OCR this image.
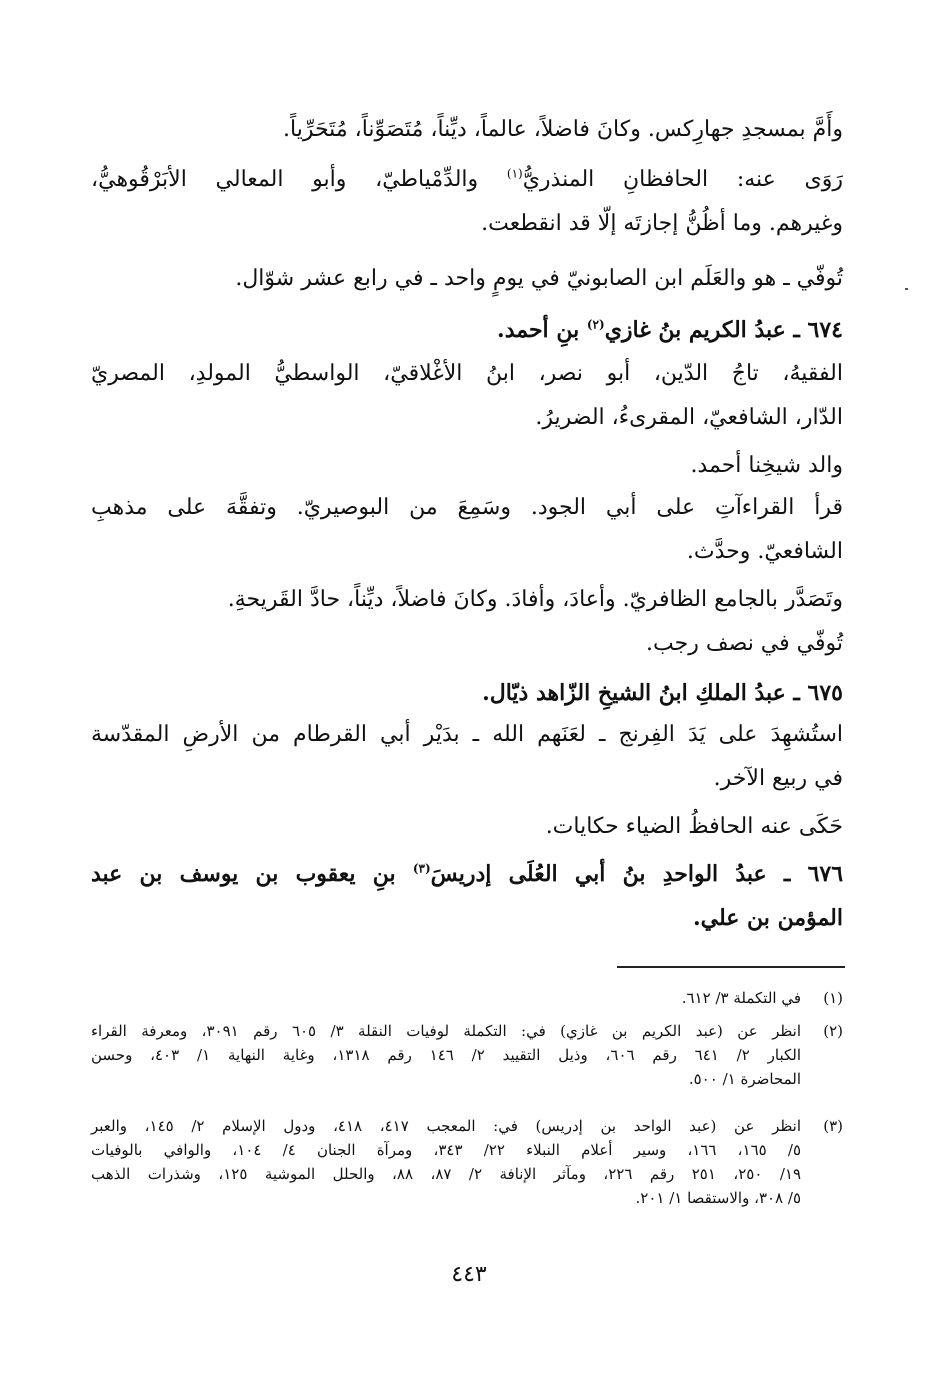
وأَمَّ بمسجدِ جهارِكس. وكانَ فاضلاً، عالماً، ديِّناً، مُتَصَوِّناً، مُتَحَرِّياً.
رَوَى عنه: الحافظانِ المنذريُّ$^{(١)}$ والدِّمْياطيّ، وأبو المعالي الأبَرْقُوهيُّ،
وغيرهم. وما أظُنُّ إجازتَه إلّا قد انقطعت.
تُوفّي ـ هو والعَلَم ابن الصابونيّ في يومٍ واحد ـ في رابع عشر شوّال.
٦٧٤ ـ عبدُ الكريم بنُ غازي$^{(٢)}$ بنِ أحمد.
الفقيهُ، تاجُ الدّين، أبو نصر، ابنُ الأغْلاقيّ، الواسطيُّ المولدِ، المصريّ
الدّار، الشافعيّ، المقرىءُ، الضريرُ.
والد شيخِنا أحمد.
قرأ القراءآتِ على أبي الجود. وسَمِعَ من البوصيريّ. وتفقَّهَ على مذهبِ
الشافعيّ. وحدَّث.
وتَصَدَّر بالجامع الظافريّ. وأعادَ، وأفادَ. وكانَ فاضلاً، ديِّناً، حادَّ القَريحةِ.
تُوفّي في نصف رجب.
٦٧٥ ـ عبدُ الملكِ ابنُ الشيخِ الزّاهد ذيّال.
استُشهِدَ على يَدَ الفِرنج ـ لعَنَهم الله ـ بدَيْر أبي القرطام من الأرضِ المقدّسة
في ربيع الآخر.
حَكَى عنه الحافظُ الضياء حكايات.
٦٧٦ ـ عبدُ الواحدِ بنُ أبي العُلَى إدريسَ$^{(٣)}$ بنِ يعقوب بن يوسف بن عبد
المؤمن بن علي.
(١)
في التكملة ٣/ ٦١٢.
(٢)
انظر عن (عبد الكريم بن غازي) في: التكملة لوفيات النقلة ٣/ ٦٠٥ رقم ٣٠٩١، ومعرفة القراء
الكبار ٢/ ٦٤١ رقم ٦٠٦، وذيل التقييد ٢/ ١٤٦ رقم ١٣١٨، وغاية النهاية ١/ ٤٠٣، وحسن
المحاضرة ١/ ٥٠٠.
(٣)
انظر عن (عبد الواحد بن إدريس) في: المعجب ٤١٧، ٤١٨، ودول الإسلام ٢/ ١٤٥، والعبر
٥/ ١٦٥، ١٦٦، وسير أعلام النبلاء ٢٢/ ٣٤٣، ومرآة الجنان ٤/ ١٠٤، والوافي بالوفيات
١٩/ ٢٥٠، ٢٥١ رقم ٢٢٦، ومآثر الإنافة ٢/ ٨٧، ٨٨، والحلل الموشية ١٢٥، وشذرات الذهب
٥/ ٣٠٨، والاستقصا ١/ ٢٠١.
٤٤٣
